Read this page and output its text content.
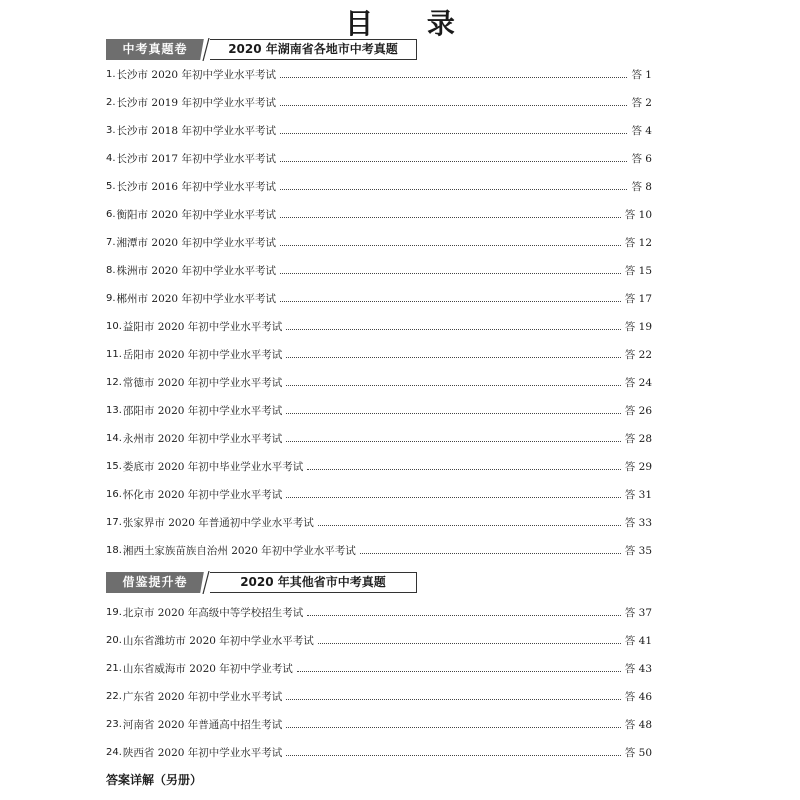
目 录
中考真题卷	2020 年湖南省各地市中考真题
1. 长沙市 2020 年初中学业水平考试	答 1
2. 长沙市 2019 年初中学业水平考试	答 2
3. 长沙市 2018 年初中学业水平考试	答 4
4. 长沙市 2017 年初中学业水平考试	答 6
5. 长沙市 2016 年初中学业水平考试	答 8
6. 衡阳市 2020 年初中学业水平考试	答 10
7. 湘潭市 2020 年初中学业水平考试	答 12
8. 株洲市 2020 年初中学业水平考试	答 15
9. 郴州市 2020 年初中学业水平考试	答 17
10. 益阳市 2020 年初中学业水平考试	答 19
11. 岳阳市 2020 年初中学业水平考试	答 22
12. 常德市 2020 年初中学业水平考试	答 24
13. 邵阳市 2020 年初中学业水平考试	答 26
14. 永州市 2020 年初中学业水平考试	答 28
15. 娄底市 2020 年初中毕业学业水平考试	答 29
16. 怀化市 2020 年初中学业水平考试	答 31
17. 张家界市 2020 年普通初中学业水平考试	答 33
18. 湘西土家族苗族自治州 2020 年初中学业水平考试	答 35
借鉴提升卷	2020 年其他省市中考真题
19. 北京市 2020 年高级中等学校招生考试	答 37
20. 山东省潍坊市 2020 年初中学业水平考试	答 41
21. 山东省威海市 2020 年初中学业考试	答 43
22. 广东省 2020 年初中学业水平考试	答 46
23. 河南省 2020 年普通高中招生考试	答 48
24. 陕西省 2020 年初中学业水平考试	答 50
答案详解（另册）
